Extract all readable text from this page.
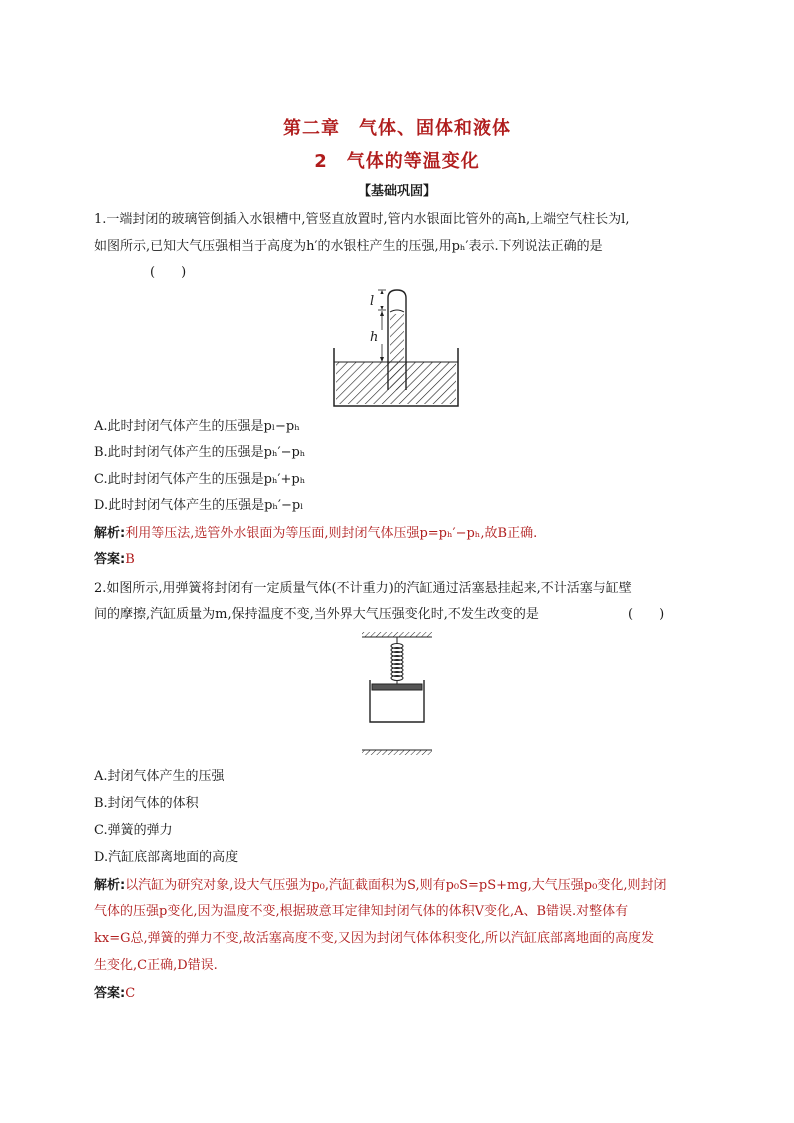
第二章　气体、固体和液体
2　气体的等温变化
【基础巩固】
1.一端封闭的玻璃管倒插入水银槽中,管竖直放置时,管内水银面比管外的高h,上端空气柱长为l,
如图所示,已知大气压强相当于高度为h′的水银柱产生的压强,用pₕ′表示.下列说法正确的是
(　　)
l
h
A.此时封闭气体产生的压强是pₗ−pₕ
B.此时封闭气体产生的压强是pₕ′−pₕ
C.此时封闭气体产生的压强是pₕ′+pₕ
D.此时封闭气体产生的压强是pₕ′−pₗ
解析:利用等压法,选管外水银面为等压面,则封闭气体压强p=pₕ′−pₕ,故B正确.
答案:B
2.如图所示,用弹簧将封闭有一定质量气体(不计重力)的汽缸通过活塞悬挂起来,不计活塞与缸壁
间的摩擦,汽缸质量为m,保持温度不变,当外界大气压强变化时,不发生改变的是	(　　)
A.封闭气体产生的压强
B.封闭气体的体积
C.弹簧的弹力
D.汽缸底部离地面的高度
解析:以汽缸为研究对象,设大气压强为p₀,汽缸截面积为S,则有p₀S=pS+mg,大气压强p₀变化,则封闭
气体的压强p变化,因为温度不变,根据玻意耳定律知封闭气体的体积V变化,A、B错误.对整体有
kx=G总,弹簧的弹力不变,故活塞高度不变,又因为封闭气体体积变化,所以汽缸底部离地面的高度发
生变化,C正确,D错误.
答案:C
